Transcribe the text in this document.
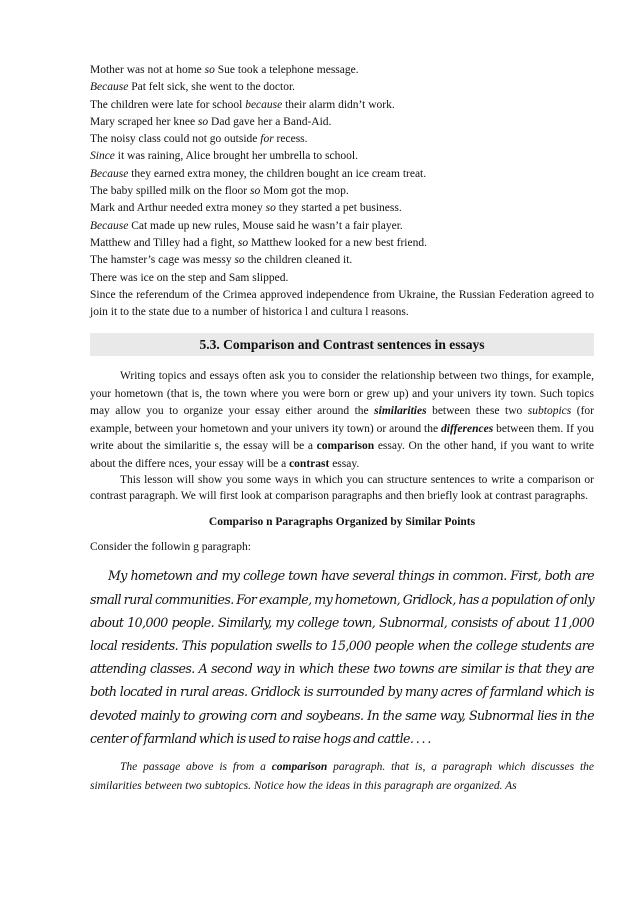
Mother was not at home so Sue took a telephone message.
Because Pat felt sick, she went to the doctor.
The children were late for school because their alarm didn’t work.
Mary scraped her knee so Dad gave her a Band-Aid.
The noisy class could not go outside for recess.
Since it was raining, Alice brought her umbrella to school.
Because they earned extra money, the children bought an ice cream treat.
The baby spilled milk on the floor so Mom got the mop.
Mark and Arthur needed extra money so they started a pet business.
Because Cat made up new rules, Mouse said he wasn’t a fair player.
Matthew and Tilley had a fight, so Matthew looked for a new best friend.
The hamster’s cage was messy so the children cleaned it.
There was ice on the step and Sam slipped.
Since the referendum of the Crimea approved independence from Ukraine, the Russian Federation agreed to join it to the state due to a number of historica l and cultura l reasons.
5.3. Comparison and Contrast sentences in essays
Writing topics and essays often ask you to consider the relationship between two things, for example, your hometown (that is, the town where you were born or grew up) and your univers ity town. Such topics may allow you to organize your essay either around the similarities between these two subtopics (for example, between your hometown and your univers ity town) or around the differences between them. If you write about the similaritie s, the essay will be a comparison essay. On the other hand, if you want to write about the differe nces, your essay will be a contrast essay.
This lesson will show you some ways in which you can structure sentences to write a comparison or contrast paragraph. We will first look at comparison paragraphs and then briefly look at contrast paragraphs.
Compariso n Paragraphs Organized by Similar Points
Consider the followin g paragraph:
My hometown and my college town have several things in common. First, both are small rural communities. For example, my hometown, Gridlock, has a population of only about 10,000 people. Similarly, my college town, Subnormal, consists of about 11,000 local residents. This population swells to 15,000 people when the college students are attending classes. A second way in which these two towns are similar is that they are both located in rural areas. Gridlock is surrounded by many acres of farmland which is devoted mainly to growing corn and soybeans. In the same way, Subnormal lies in the center of farmland which is used to raise hogs and cattle. . . .
The passage above is from a comparison paragraph. that is, a paragraph which discusses the similarities between two subtopics. Notice how the ideas in this paragraph are organized. As
